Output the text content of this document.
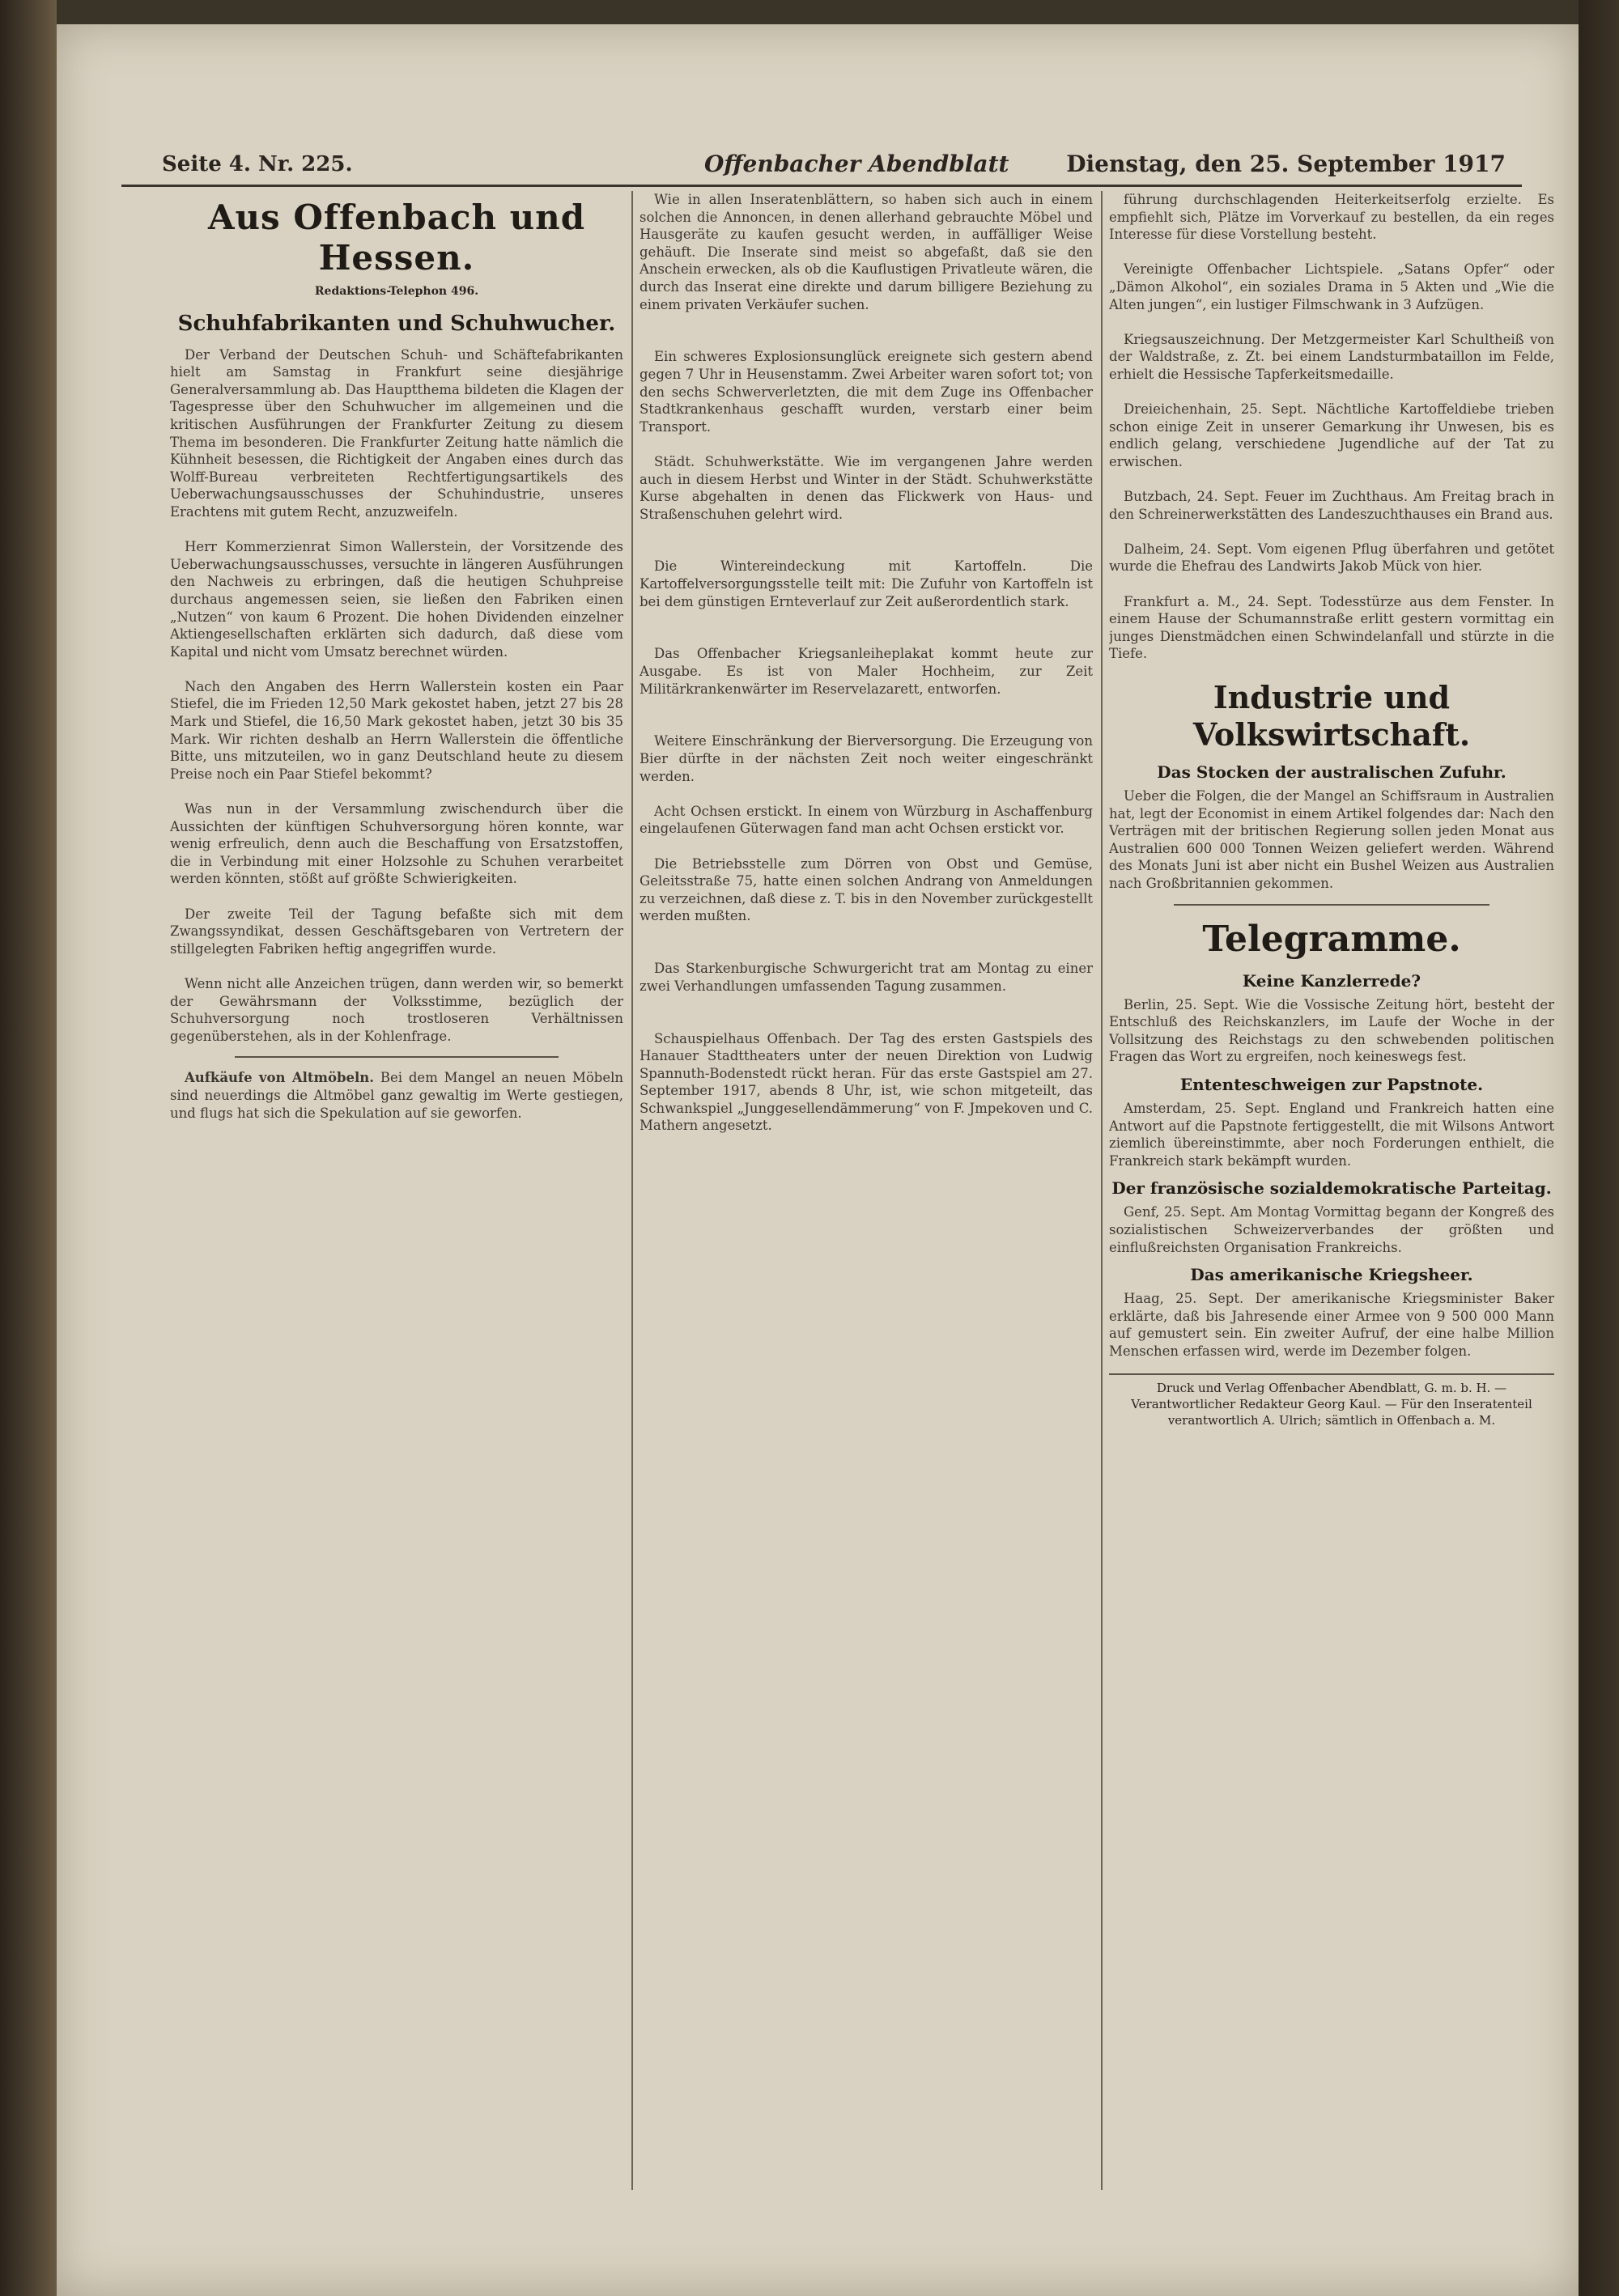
Seite 4. Nr. 225.	Offenbacher Abendblatt	Dienstag, den 25. September 1917
Aus Offenbach und Hessen.
Redaktions-Telephon 496.
Schuhfabrikanten und Schuhwucher.

Der Verband der Deutschen Schuh- und Schäftefabrikanten hielt am Samstag in Frankfurt seine diesjährige Generalversammlung ab. Das Hauptthema bildeten die Klagen der Tagespresse über den Schuhwucher im allgemeinen und die kritischen Ausführungen der Frankfurter Zeitung zu diesem Thema im besonderen. Die Frankfurter Zeitung hatte nämlich die Kühnheit besessen, die Richtigkeit der Angaben eines durch das Wolff-Bureau verbreiteten Rechtfertigungsartikels des Ueberwachungsausschusses der Schuhindustrie, unseres Erachtens mit gutem Recht, anzuzweifeln.

Herr Kommerzienrat Simon Wallerstein, der Vorsitzende des Ueberwachungsausschusses, versuchte in längeren Ausführungen den Nachweis zu erbringen, daß die heutigen Schuhpreise durchaus angemessen seien, sie ließen den Fabriken einen „Nutzen“ von kaum 6 Prozent. Die hohen Dividenden einzelner Aktiengesellschaften erklärten sich dadurch, daß diese vom Kapital und nicht vom Umsatz berechnet würden.

Nach den Angaben des Herrn Wallerstein kosten ein Paar Stiefel, die im Frieden 12,50 Mark gekostet haben, jetzt 27 bis 28 Mark und Stiefel, die 16,50 Mark gekostet haben, jetzt 30 bis 35 Mark. Wir richten deshalb an Herrn Wallerstein die öffentliche Bitte, uns mitzuteilen, wo in ganz Deutschland heute zu diesem Preise noch ein Paar Stiefel bekommt?

Was nun in der Versammlung zwischendurch über die Aussichten der künftigen Schuhversorgung hören konnte, war wenig erfreulich, denn auch die Beschaffung von Ersatzstoffen, die in Verbindung mit einer Holzsohle zu Schuhen verarbeitet werden könnten, stößt auf größte Schwierigkeiten.

Der zweite Teil der Tagung befaßte sich mit dem Zwangssyndikat, dessen Geschäftsgebaren von Vertretern der stillgelegten Fabriken heftig angegriffen wurde.

Wenn nicht alle Anzeichen trügen, dann werden wir, so bemerkt der Gewährsmann der Volksstimme, bezüglich der Schuhversorgung noch trostloseren Verhältnissen gegenüberstehen, als in der Kohlenfrage.

Aufkäufe von Altmöbeln. Bei dem Mangel an neuen Möbeln sind neuerdings die Altmöbel ganz gewaltig im Werte gestiegen, und flugs hat sich die Spekulation auf sie geworfen.

Wie in allen Inseratenblättern, so haben sich auch in einem solchen die Annoncen, in denen allerhand gebrauchte Möbel und Hausgeräte zu kaufen gesucht werden, in auffälliger Weise gehäuft. Die Inserate sind meist so abgefaßt, daß sie den Anschein erwecken, als ob die Kauflustigen Privatleute wären, die durch das Inserat eine direkte und darum billigere Beziehung zu einem privaten Verkäufer suchen.

Ein schweres Explosionsunglück ereignete sich gestern abend gegen 7 Uhr in Heusenstamm. Zwei Arbeiter waren sofort tot; von den sechs Schwerverletzten, die mit dem Zuge ins Offenbacher Stadtkrankenhaus geschafft wurden, verstarb einer beim Transport.

Städt. Schuhwerkstätte. Wie im vergangenen Jahre werden auch in diesem Herbst und Winter in der Städt. Schuhwerkstätte Kurse abgehalten in denen das Flickwerk von Haus- und Straßenschuhen gelehrt wird.

Die Wintereindeckung mit Kartoffeln. Die Kartoffelversorgungsstelle teilt mit: Die Zufuhr von Kartoffeln ist bei dem günstigen Ernteverlauf zur Zeit außerordentlich stark.

Das Offenbacher Kriegsanleiheplakat kommt heute zur Ausgabe. Es ist von Maler Hochheim, zur Zeit Militärkrankenwärter im Reservelazarett, entworfen.

Weitere Einschränkung der Bierversorgung. Die Erzeugung von Bier dürfte in der nächsten Zeit noch weiter eingeschränkt werden.

Acht Ochsen erstickt. In einem von Würzburg in Aschaffenburg eingelaufenen Güterwagen fand man acht Ochsen erstickt vor.

Die Betriebsstelle zum Dörren von Obst und Gemüse, Geleitsstraße 75, hatte einen solchen Andrang von Anmeldungen zu verzeichnen, daß diese z. T. bis in den November zurückgestellt werden mußten.

Das Starkenburgische Schwurgericht trat am Montag zu einer zwei Verhandlungen umfassenden Tagung zusammen.

Schauspielhaus Offenbach. Der Tag des ersten Gastspiels des Hanauer Stadttheaters unter der neuen Direktion von Ludwig Spannuth-Bodenstedt rückt heran. Für das erste Gastspiel am 27. September 1917, abends 8 Uhr, ist, wie schon mitgeteilt, das Schwankspiel „Junggesellendämmerung“ von F. Jmpekoven und C. Mathern angesetzt.

führung durchschlagenden Heiterkeitserfolg erzielte. Es empfiehlt sich, Plätze im Vorverkauf zu bestellen, da ein reges Interesse für diese Vorstellung besteht.

Vereinigte Offenbacher Lichtspiele. „Satans Opfer“ oder „Dämon Alkohol“, ein soziales Drama in 5 Akten und „Wie die Alten jungen“, ein lustiger Filmschwank in 3 Aufzügen.

Kriegsauszeichnung. Der Metzgermeister Karl Schultheiß von der Waldstraße, z. Zt. bei einem Landsturmbataillon im Felde, erhielt die Hessische Tapferkeitsmedaille.

Dreieichenhain, 25. Sept. Nächtliche Kartoffeldiebe trieben schon einige Zeit in unserer Gemarkung ihr Unwesen, bis es endlich gelang, verschiedene Jugendliche auf der Tat zu erwischen.

Butzbach, 24. Sept. Feuer im Zuchthaus. Am Freitag brach in den Schreinerwerkstätten des Landeszuchthauses ein Brand aus.

Dalheim, 24. Sept. Vom eigenen Pflug überfahren und getötet wurde die Ehefrau des Landwirts Jakob Mück von hier.

Frankfurt a. M., 24. Sept. Todesstürze aus dem Fenster. In einem Hause der Schumannstraße erlitt gestern vormittag ein junges Dienstmädchen einen Schwindelanfall und stürzte in die Tiefe.

Industrie und Volkswirtschaft.
Das Stocken der australischen Zufuhr.

Ueber die Folgen, die der Mangel an Schiffsraum in Australien hat, legt der Economist in einem Artikel folgendes dar: Nach den Verträgen mit der britischen Regierung sollen jeden Monat aus Australien 600 000 Tonnen Weizen geliefert werden. Während des Monats Juni ist aber nicht ein Bushel Weizen aus Australien nach Großbritannien gekommen.

Telegramme.
Keine Kanzlerrede?

Berlin, 25. Sept. Wie die Vossische Zeitung hört, besteht der Entschluß des Reichskanzlers, im Laufe der Woche in der Vollsitzung des Reichstags zu den schwebenden politischen Fragen das Wort zu ergreifen, noch keineswegs fest.

Ententeschweigen zur Papstnote.

Amsterdam, 25. Sept. England und Frankreich hatten eine Antwort auf die Papstnote fertiggestellt, die mit Wilsons Antwort ziemlich übereinstimmte, aber noch Forderungen enthielt, die Frankreich stark bekämpft wurden.

Der französische sozialdemokratische Parteitag.

Genf, 25. Sept. Am Montag Vormittag begann der Kongreß des sozialistischen Schweizerverbandes der größten und einflußreichsten Organisation Frankreichs.

Das amerikanische Kriegsheer.

Haag, 25. Sept. Der amerikanische Kriegsminister Baker erklärte, daß bis Jahresende einer Armee von 9 500 000 Mann auf gemustert sein. Ein zweiter Aufruf, der eine halbe Million Menschen erfassen wird, werde im Dezember folgen.

Druck und Verlag Offenbacher Abendblatt, G. m. b. H. — Verantwortlicher Redakteur Georg Kaul. — Für den Inseratenteil verantwortlich A. Ulrich; sämtlich in Offenbach a. M.
